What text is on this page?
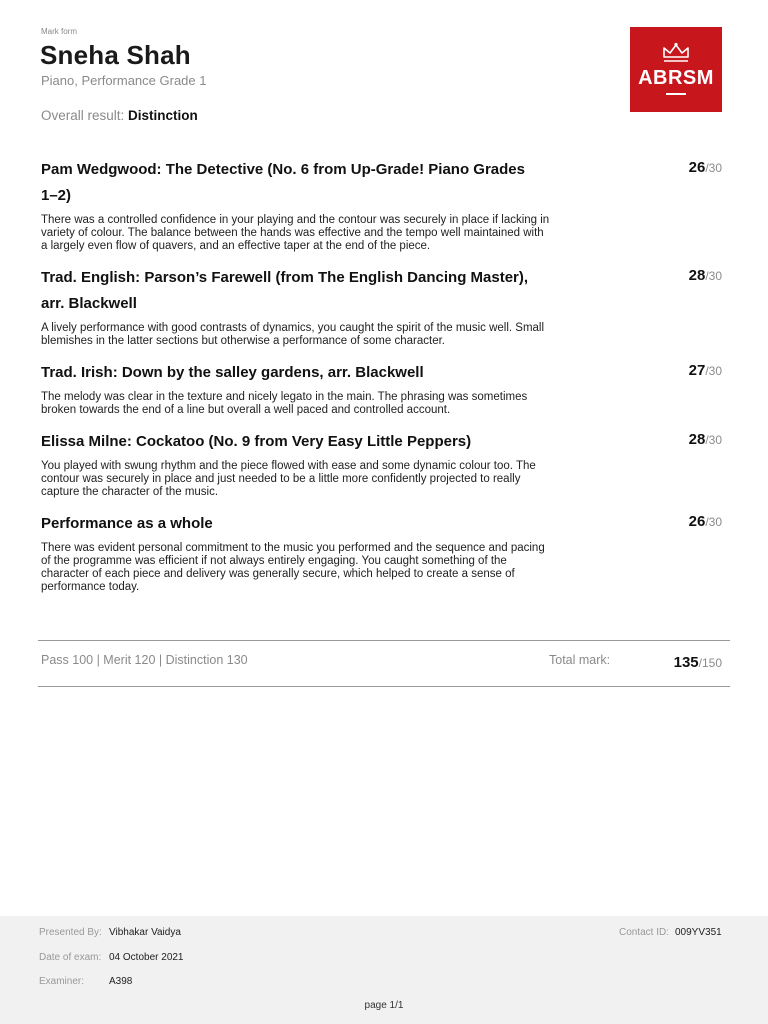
Mark form
Sneha Shah
Piano, Performance Grade 1
Overall result: Distinction
ABRSM
Pam Wedgwood: The Detective (No. 6 from Up-Grade! Piano Grades 1–2)
26/30
There was a controlled confidence in your playing and the contour was securely in place if lacking in variety of colour. The balance between the hands was effective and the tempo well maintained with a largely even flow of quavers, and an effective taper at the end of the piece.
Trad. English: Parson’s Farewell (from The English Dancing Master), arr. Blackwell
28/30
A lively performance with good contrasts of dynamics, you caught the spirit of the music well. Small blemishes in the latter sections but otherwise a performance of some character.
Trad. Irish: Down by the salley gardens, arr. Blackwell	27/30
The melody was clear in the texture and nicely legato in the main. The phrasing was sometimes broken towards the end of a line but overall a well paced and controlled account.
Elissa Milne: Cockatoo (No. 9 from Very Easy Little Peppers)	28/30
You played with swung rhythm and the piece flowed with ease and some dynamic colour too. The contour was securely in place and just needed to be a little more confidently projected to really capture the character of the music.
Performance as a whole	26/30
There was evident personal commitment to the music you performed and the sequence and pacing of the programme was efficient if not always entirely engaging. You caught something of the character of each piece and delivery was generally secure, which helped to create a sense of performance today.
Pass 100 | Merit 120 | Distinction 130	Total mark:	135/150
Presented By: Vibhakar Vaidya
Date of exam: 04 October 2021
Examiner: A398
Contact ID: 009YV351
page 1/1
